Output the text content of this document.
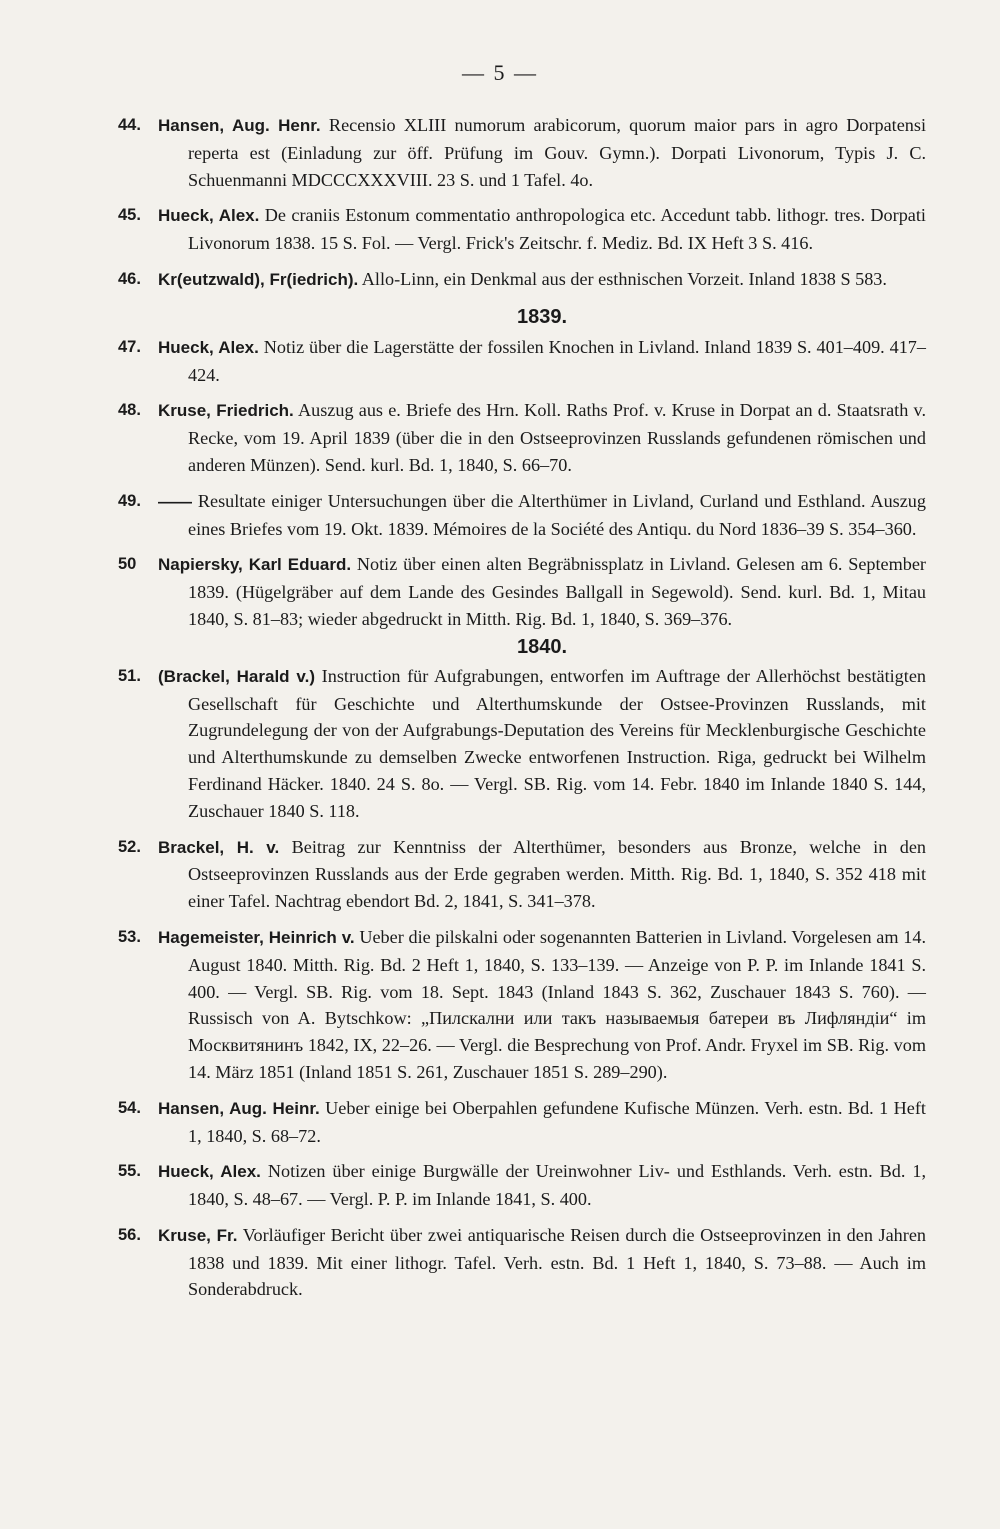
— 5 —
44. Hansen, Aug. Henr. Recensio XLIII numorum arabicorum, quorum maior pars in agro Dorpatensi reperta est (Einladung zur öff. Prüfung im Gouv. Gymn.). Dorpati Livonorum, Typis J. C. Schuenmanni MDCCCXXXVIII. 23 S. und 1 Tafel. 4o.
45. Hueck, Alex. De craniis Estonum commentatio anthropologica etc. Accedunt tabb. lithogr. tres. Dorpati Livonorum 1838. 15 S. Fol. — Vergl. Frick's Zeitschr. f. Mediz. Bd. IX Heft 3 S. 416.
46. Kr(eutzwald), Fr(iedrich). Allo-Linn, ein Denkmal aus der esthnischen Vorzeit. Inland 1838 S 583.
1839.
47. Hueck, Alex. Notiz über die Lagerstätte der fossilen Knochen in Livland. Inland 1839 S. 401–409. 417–424.
48. Kruse, Friedrich. Auszug aus e. Briefe des Hrn. Koll. Raths Prof. v. Kruse in Dorpat an d. Staatsrath v. Recke, vom 19. April 1839 (über die in den Ostseeprovinzen Russlands gefundenen römischen und anderen Münzen). Send. kurl. Bd. 1, 1840, S. 66–70.
49. —— Resultate einiger Untersuchungen über die Alterthümer in Livland, Curland und Esthland. Auszug eines Briefes vom 19. Okt. 1839. Mémoires de la Société des Antiqu. du Nord 1836–39 S. 354–360.
50 Napiersky, Karl Eduard. Notiz über einen alten Begräbnissplatz in Livland. Gelesen am 6. September 1839. (Hügelgräber auf dem Lande des Gesindes Ballgall in Segewold). Send. kurl. Bd. 1, Mitau 1840, S. 81–83; wieder abgedruckt in Mitth. Rig. Bd. 1, 1840, S. 369–376.
1840.
51. (Brackel, Harald v.) Instruction für Aufgrabungen, entworfen im Auftrage der Allerhöchst bestätigten Gesellschaft für Geschichte und Alterthumskunde der Ostsee-Provinzen Russlands, mit Zugrundelegung der von der Aufgrabungs-Deputation des Vereins für Mecklenburgische Geschichte und Alterthumskunde zu demselben Zwecke entworfenen Instruction. Riga, gedruckt bei Wilhelm Ferdinand Häcker. 1840. 24 S. 8o. — Vergl. SB. Rig. vom 14. Febr. 1840 im Inlande 1840 S. 144, Zuschauer 1840 S. 118.
52. Brackel, H. v. Beitrag zur Kenntniss der Alterthümer, besonders aus Bronze, welche in den Ostseeprovinzen Russlands aus der Erde gegraben werden. Mitth. Rig. Bd. 1, 1840, S. 352 418 mit einer Tafel. Nachtrag ebendort Bd. 2, 1841, S. 341–378.
53. Hagemeister, Heinrich v. Ueber die pilskalni oder sogenannten Batterien in Livland. Vorgelesen am 14. August 1840. Mitth. Rig. Bd. 2 Heft 1, 1840, S. 133–139. — Anzeige von P. P. im Inlande 1841 S. 400. — Vergl. SB. Rig. vom 18. Sept. 1843 (Inland 1843 S. 362, Zuschauer 1843 S. 760). — Russisch von A. Bytschkow: „Пилскални или такъ называемыя батереи въ Лифляндіи“ im Москвитянинъ 1842, IX, 22–26. — Vergl. die Besprechung von Prof. Andr. Fryxel im SB. Rig. vom 14. März 1851 (Inland 1851 S. 261, Zuschauer 1851 S. 289–290).
54. Hansen, Aug. Heinr. Ueber einige bei Oberpahlen gefundene Kufische Münzen. Verh. estn. Bd. 1 Heft 1, 1840, S. 68–72.
55. Hueck, Alex. Notizen über einige Burgwälle der Ureinwohner Liv- und Esthlands. Verh. estn. Bd. 1, 1840, S. 48–67. — Vergl. P. P. im Inlande 1841, S. 400.
56. Kruse, Fr. Vorläufiger Bericht über zwei antiquarische Reisen durch die Ostseeprovinzen in den Jahren 1838 und 1839. Mit einer lithogr. Tafel. Verh. estn. Bd. 1 Heft 1, 1840, S. 73–88. — Auch im Sonderabdruck.
